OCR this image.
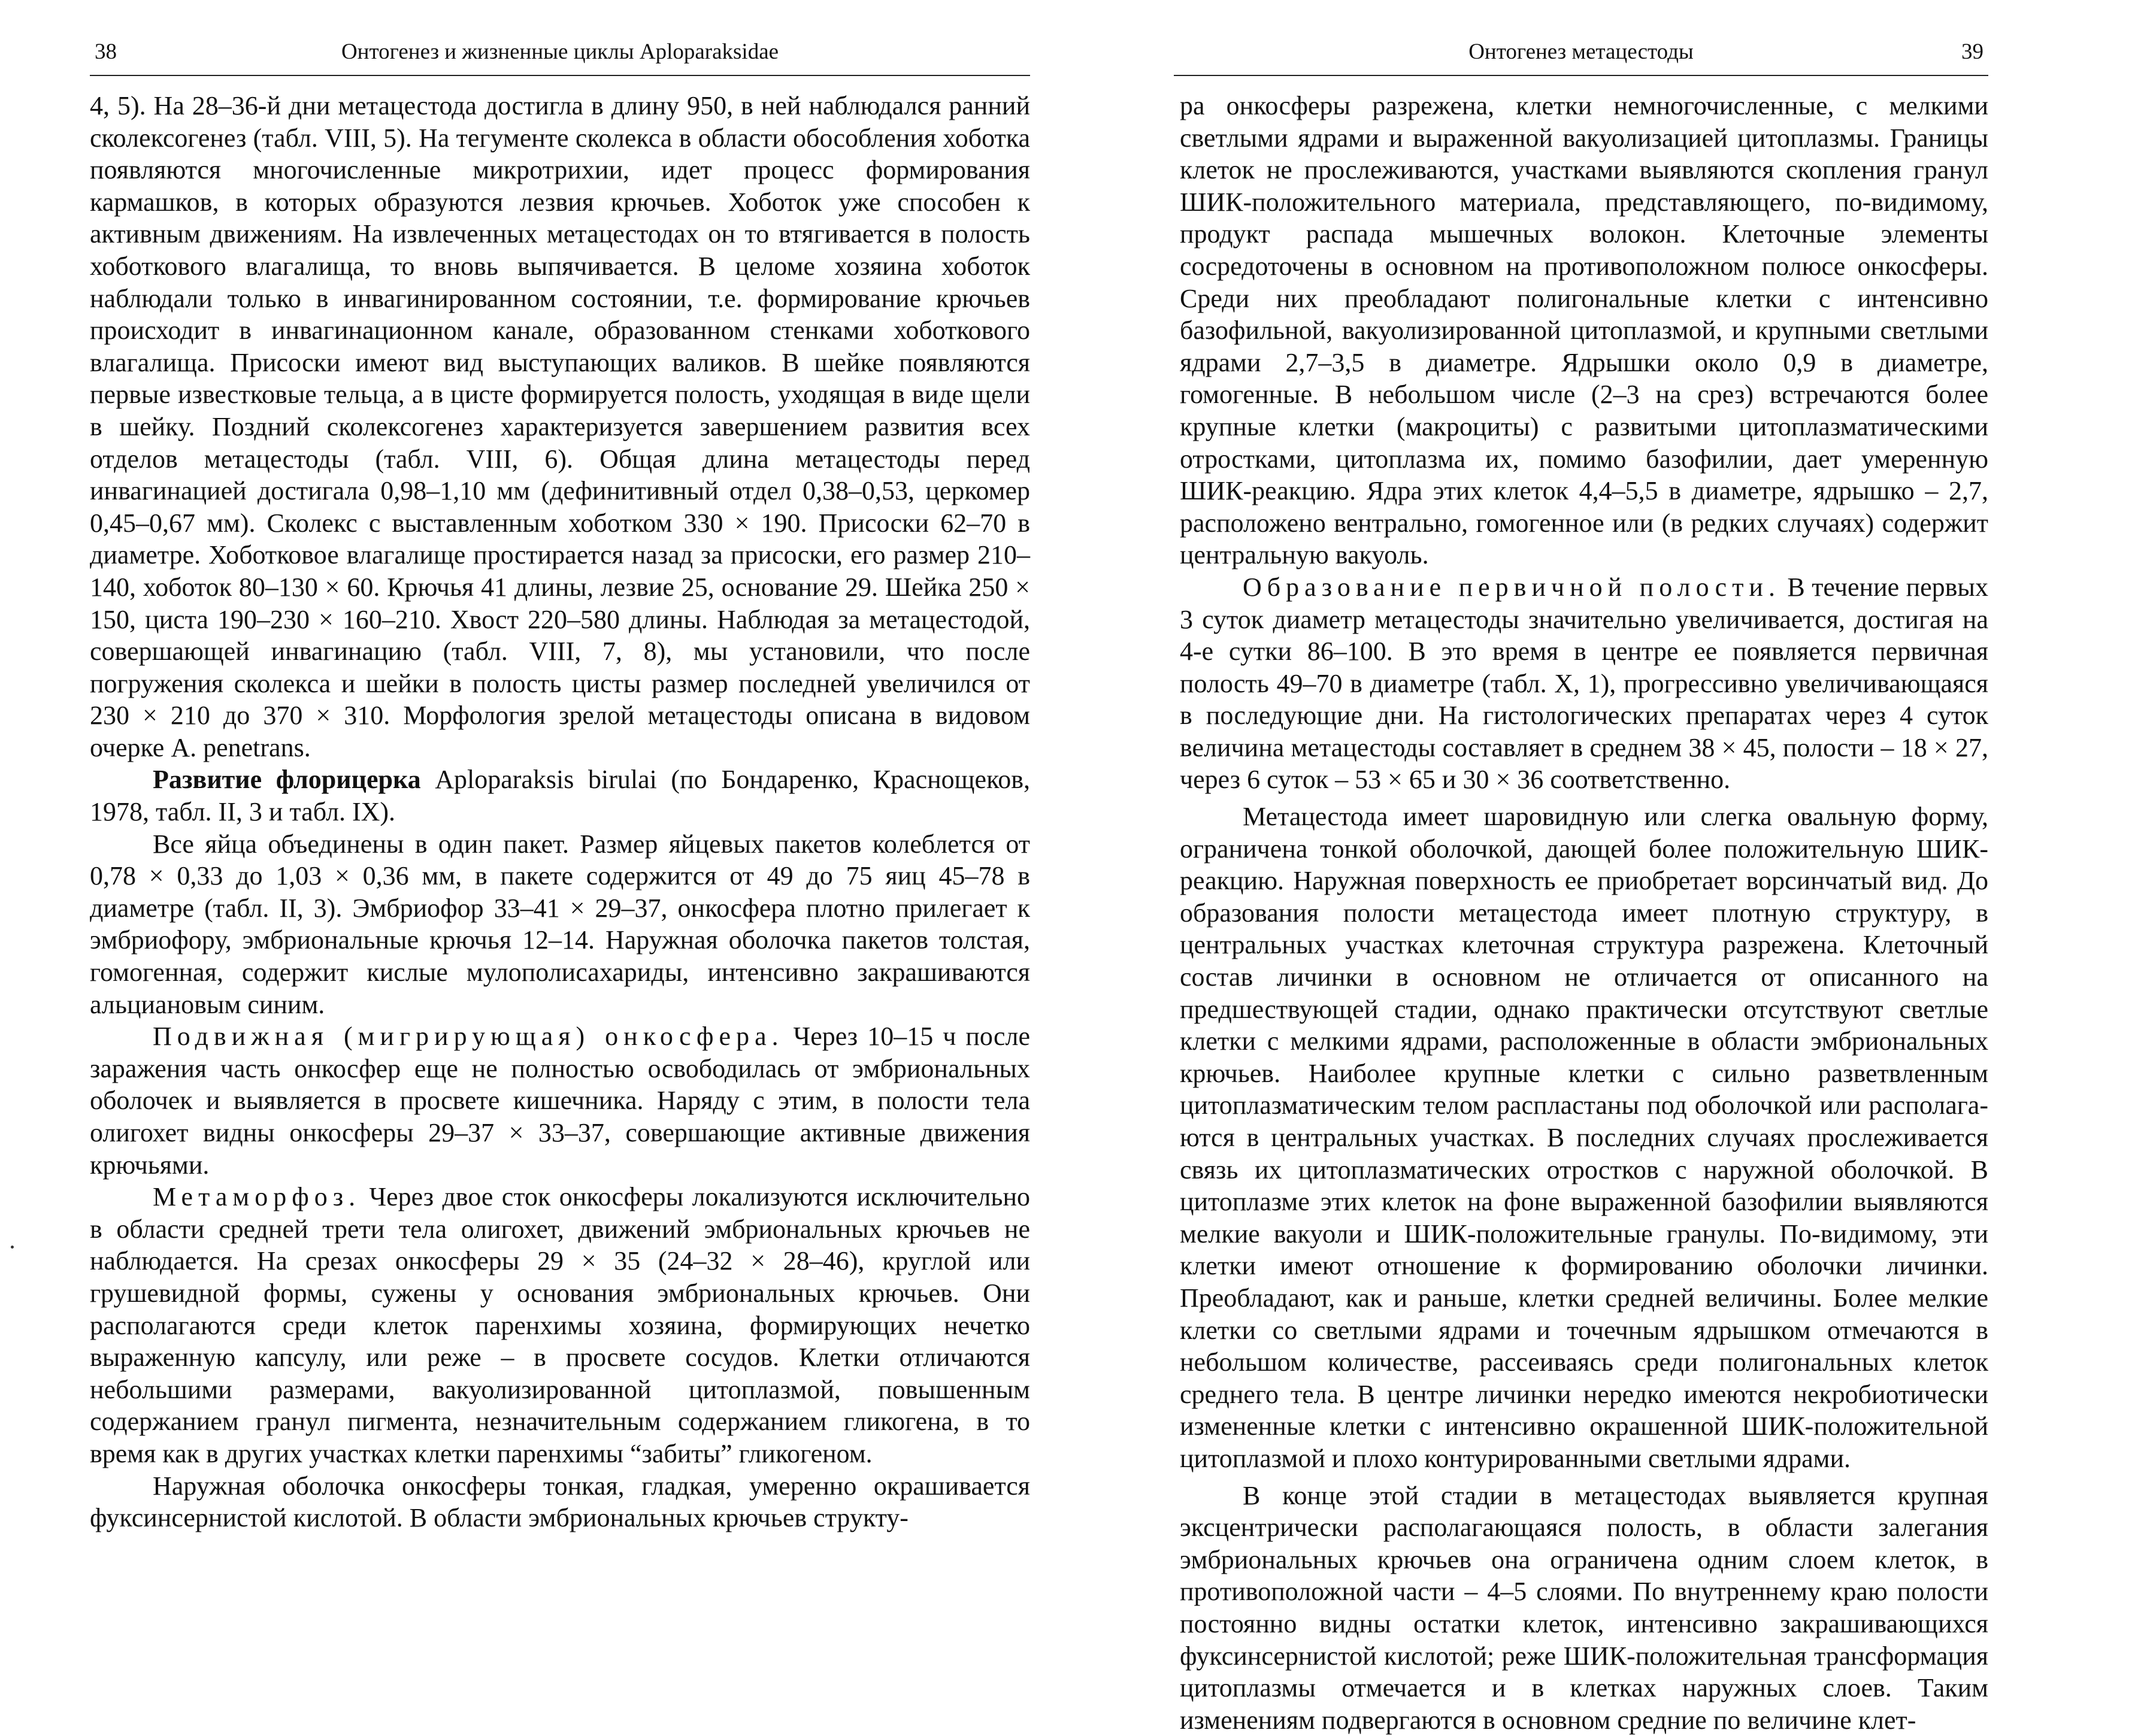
38	Онтогенез и жизненные циклы Aploparaksidae

4, 5). На 28–36-й дни метацестода достигла в длину 950, в ней наблюдался ранний сколексогенез (табл. VIII, 5). На тегументе сколекса в области обособления хоботка появляются многочисленные микротрихии, идет процесс формирования кармашков, в которых образуются лезвия крючьев. Хоботок уже способен к активным движениям. На извлеченных метацестодах он то втягивается в полость хоботкового влагалища, то вновь выпячивается. В целоме хозяина хоботок наблюдали только в инвагинированном состоянии, т.е. формирование крючьев происходит в инвагинационном канале, образованном стенками хоботкового влагалища. Присоски имеют вид выступающих валиков. В шейке появляются первые известковые тельца, а в цисте формируется полость, уходящая в виде щели в шейку. Поздний сколексогенез характеризуется завершением развития всех отделов метацестоды (табл. VIII, 6). Общая длина метацестоды перед инвагинацией достигала 0,98–1,10 мм (дефинитивный отдел 0,38–0,53, церкомер 0,45–0,67 мм). Сколекс с выставленным хоботком 330 × 190. Присоски 62–70 в диаметре. Хоботковое влагалище простирается назад за присоски, его размер 210–140, хоботок 80–130 × 60. Крючья 41 длины, лезвие 25, основание 29. Шейка 250 × 150, циста 190–230 × 160–210. Хвост 220–580 длины. Наблюдая за метацестодой, совершающей инвагинацию (табл. VIII, 7, 8), мы установили, что после погружения сколекса и шейки в полость цисты размер последней увеличился от 230 × 210 до 370 × 310. Морфология зрелой метацестоды описана в видовом очерке A. penetrans.

Развитие флорицерка Aploparaksis birulai (по Бондаренко, Кpaснощеков, 1978, табл. II, 3 и табл. IX).

Все яйца объединены в один пакет. Размер яйцевых пакетов колеблется от 0,78 × 0,33 до 1,03 × 0,36 мм, в пакете содержится от 49 до 75 яиц 45–78 в диаметре (табл. II, 3). Эмбриофор 33–41 × 29–37, онкосфера плотно прилегает к эмбриофору, эмбриональные крючья 12–14. Наружная оболочка пакетов толстая, гомогенная, содержит кислые мулополисахариды, интенсивно закрашиваются альциановым синим.

Подвижная (мигрирующая) онкосфера. Через 10–15 ч после заражения часть онкосфер еще не полностью освободилась от эмбриональных оболочек и выявляется в просвете кишечника. Наряду с этим, в полости тела олигохет видны онкосферы 29–37 × 33–37, совершающие активные движения крючьями.

Метаморфоз. Через двое сток онкосферы локализуются исключительно в области средней трети тела олигохет, движений эмбриональных крючьев не наблюдается. На срезах онкосферы 29 × 35 (24–32 × 28–46), круглой или грушевидной формы, сужены у основания эмбриональных крючьев. Они располагаются среди клеток паренхимы хозяина, формирующих нечетко выраженную капсулу, или реже – в просвете сосудов. Клетки отличаются небольшими размерами, вакуолизированной цитоплазмой, повышенным содержанием гранул пигмента, незначительным содержанием гликогена, в то время как в других участках клетки паренхимы “забиты” гликогеном.

Наружная оболочка онкосферы тонкая, гладкая, умеренно окрашивается фуксинсернистой кислотой. В области эмбриональных крючьев структу-

Онтогенез метацестоды	39

ра онкосферы разрежена, клетки немногочисленные, с мелкими светлыми ядрами и выраженной вакуолизацией цитоплазмы. Границы клеток не прослеживаются, участками выявляются скопления гранул ШИК-положительного материала, представляющего, по-видимому, продукт распада мышечных волокон. Клеточные элементы сосредоточены в основном на противоположном полюсе онкосферы. Среди них преобладают полигональные клетки с интенсивно базофильной, вакуолизированной цитоплазмой, и крупными светлыми ядрами 2,7–3,5 в диаметре. Ядрышки около 0,9 в диаметре, гомогенные. В небольшом числе (2–3 на срез) встречаются более крупные клетки (макроциты) с развитыми цитоплазматическими отростками, цитоплазма их, помимо базофилии, дает умеренную ШИК-реакцию. Ядра этих клеток 4,4–5,5 в диаметре, ядрышко – 2,7, расположено вентрально, гомогенное или (в редких случаях) содержит центральную вакуоль.

Образование первичной полости. В течение первых 3 суток диаметр метацестоды значительно увеличивается, достигая на 4-е сутки 86–100. В это время в центре ее появляется первичная полость 49–70 в диаметре (табл. X, 1), прогрессивно увеличивающаяся в последующие дни. На гистологических препаратах через 4 суток величина метацестоды составляет в среднем 38 × 45, полости – 18 × 27, через 6 суток – 53 × 65 и 30 × 36 соответственно.

Метацестода имеет шаровидную или слегка овальную форму, ограничена тонкой оболочкой, дающей более положительную ШИК-реакцию. Наружная поверхность ее приобретает ворсинчатый вид. До образования полости метацестода имеет плотную структуру, в центральных участках клеточная структура разрежена. Клеточный состав личинки в основном не отличается от описанного на предшествующей стадии, однако практически отсутствуют светлые клетки с мелкими ядрами, расположенные в области эмбриональных крючьев. Наиболее крупные клетки с сильно разветвленным цитоплазматическим телом распластаны под оболочкой или располагаются в центральных участках. В последних случаях прослеживается связь их цитоплазматических отростков с наружной оболочкой. В цитоплазме этих клеток на фоне выраженной базофилии выявляются мелкие вакуоли и ШИК-положительные гранулы. По-видимому, эти клетки имеют отношение к формированию оболочки личинки. Преобладают, как и раньше, клетки средней величины. Более мелкие клетки со светлыми ядрами и точечным ядрышком отмечаются в небольшом количестве, рассеиваясь среди полигональных клеток среднего тела. В центре личинки нередко имеются некробиотически измененные клетки с интенсивно окрашенной ШИК-положительной цитоплазмой и плохо контурированными светлыми ядрами.

В конце этой стадии в метацестодах выявляется крупная эксцентрически располагающаяся полость, в области залегания эмбриональных крючьев она ограничена одним слоем клеток, в противоположной части – 4–5 слоями. По внутреннему краю полости постоянно видны остатки клеток, интенсивно закрашивающихся фуксинсернистой кислотой; реже ШИК-положительная трансформация цитоплазмы отмечается и в клетках наружных слоев. Таким изменениям подвергаются в основном средние по величине клет-
